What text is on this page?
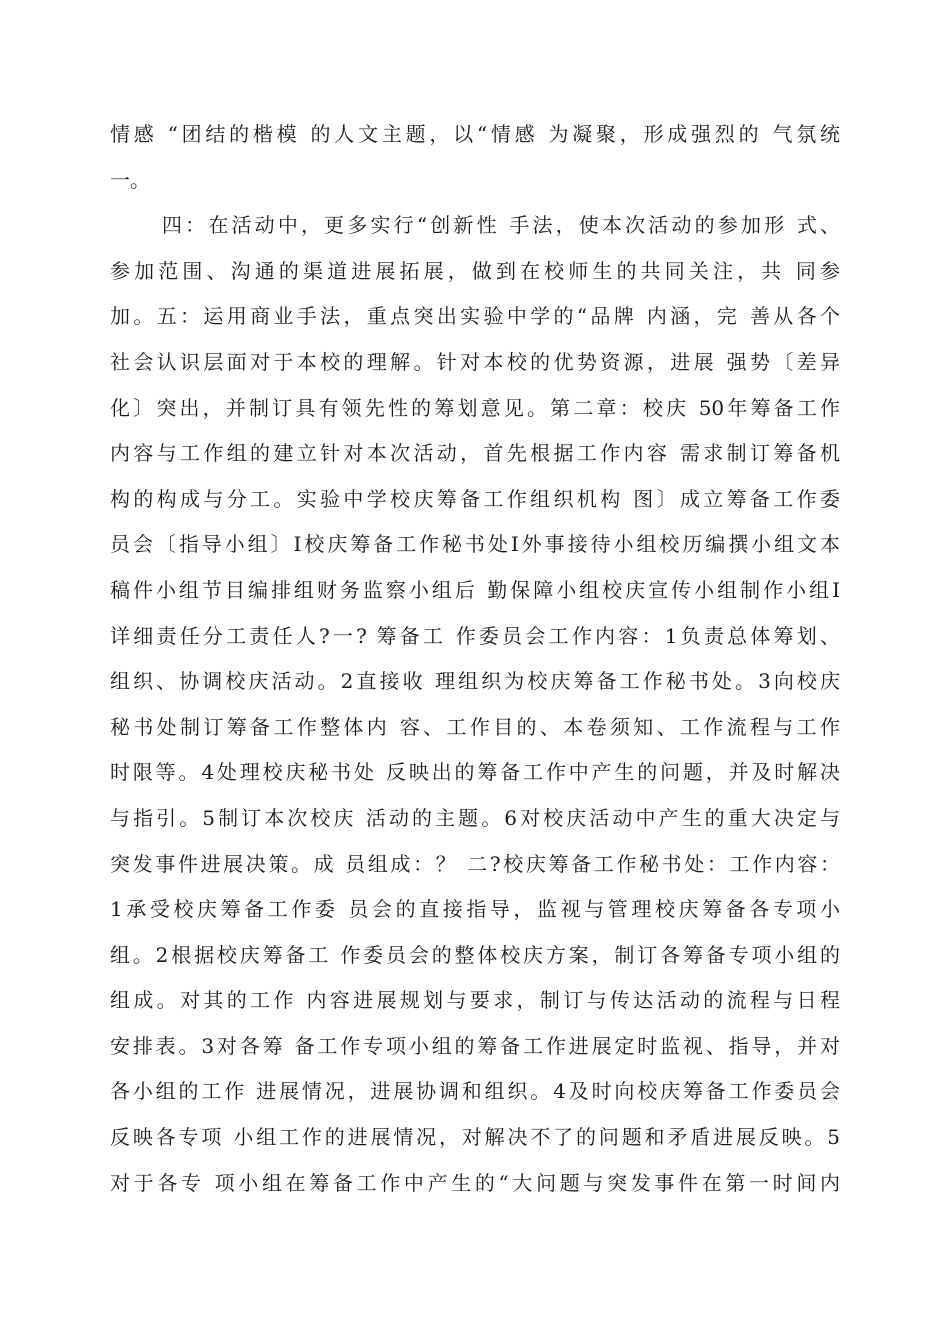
情感 “团结的楷模 的人文主题，以“情感 为凝聚，形成强烈的 气氛统
一。
四：在活动中，更多实行“创新性 手法，使本次活动的参加形 式、
参加范围、沟通的渠道进展拓展，做到在校师生的共同关注，共 同参
加。五：运用商业手法，重点突出实验中学的“品牌 内涵，完 善从各个
社会认识层面对于本校的理解。针对本校的优势资源，进展 强势〔差异
化〕突出，并制订具有领先性的筹划意见。第二章：校庆 50年筹备工作
内容与工作组的建立针对本次活动，首先根据工作内容 需求制订筹备机
构的构成与分工。实验中学校庆筹备工作组织机构 图〕成立筹备工作委
员会〔指导小组〕I校庆筹备工作秘书处I外事接待小组校历编撰小组文本
稿件小组节目编排组财务监察小组后 勤保障小组校庆宣传小组制作小组I
详细责任分工责任人?一? 筹备工 作委员会工作内容：1负责总体筹划、
组织、协调校庆活动。2直接收 理组织为校庆筹备工作秘书处。3向校庆
秘书处制订筹备工作整体内 容、工作目的、本卷须知、工作流程与工作
时限等。4处理校庆秘书处 反映出的筹备工作中产生的问题，并及时解决
与指引。5制订本次校庆 活动的主题。6对校庆活动中产生的重大决定与
突发事件进展决策。成 员组成：？ 二?校庆筹备工作秘书处：工作内容：
1承受校庆筹备工作委 员会的直接指导，监视与管理校庆筹备各专项小
组。2根据校庆筹备工 作委员会的整体校庆方案，制订各筹备专项小组的
组成。对其的工作 内容进展规划与要求，制订与传达活动的流程与日程
安排表。3对各筹 备工作专项小组的筹备工作进展定时监视、指导，并对
各小组的工作 进展情况，进展协调和组织。4及时向校庆筹备工作委员会
反映各专项 小组工作的进展情况，对解决不了的问题和矛盾进展反映。5
对于各专 项小组在筹备工作中产生的“大问题与突发事件在第一时间内
